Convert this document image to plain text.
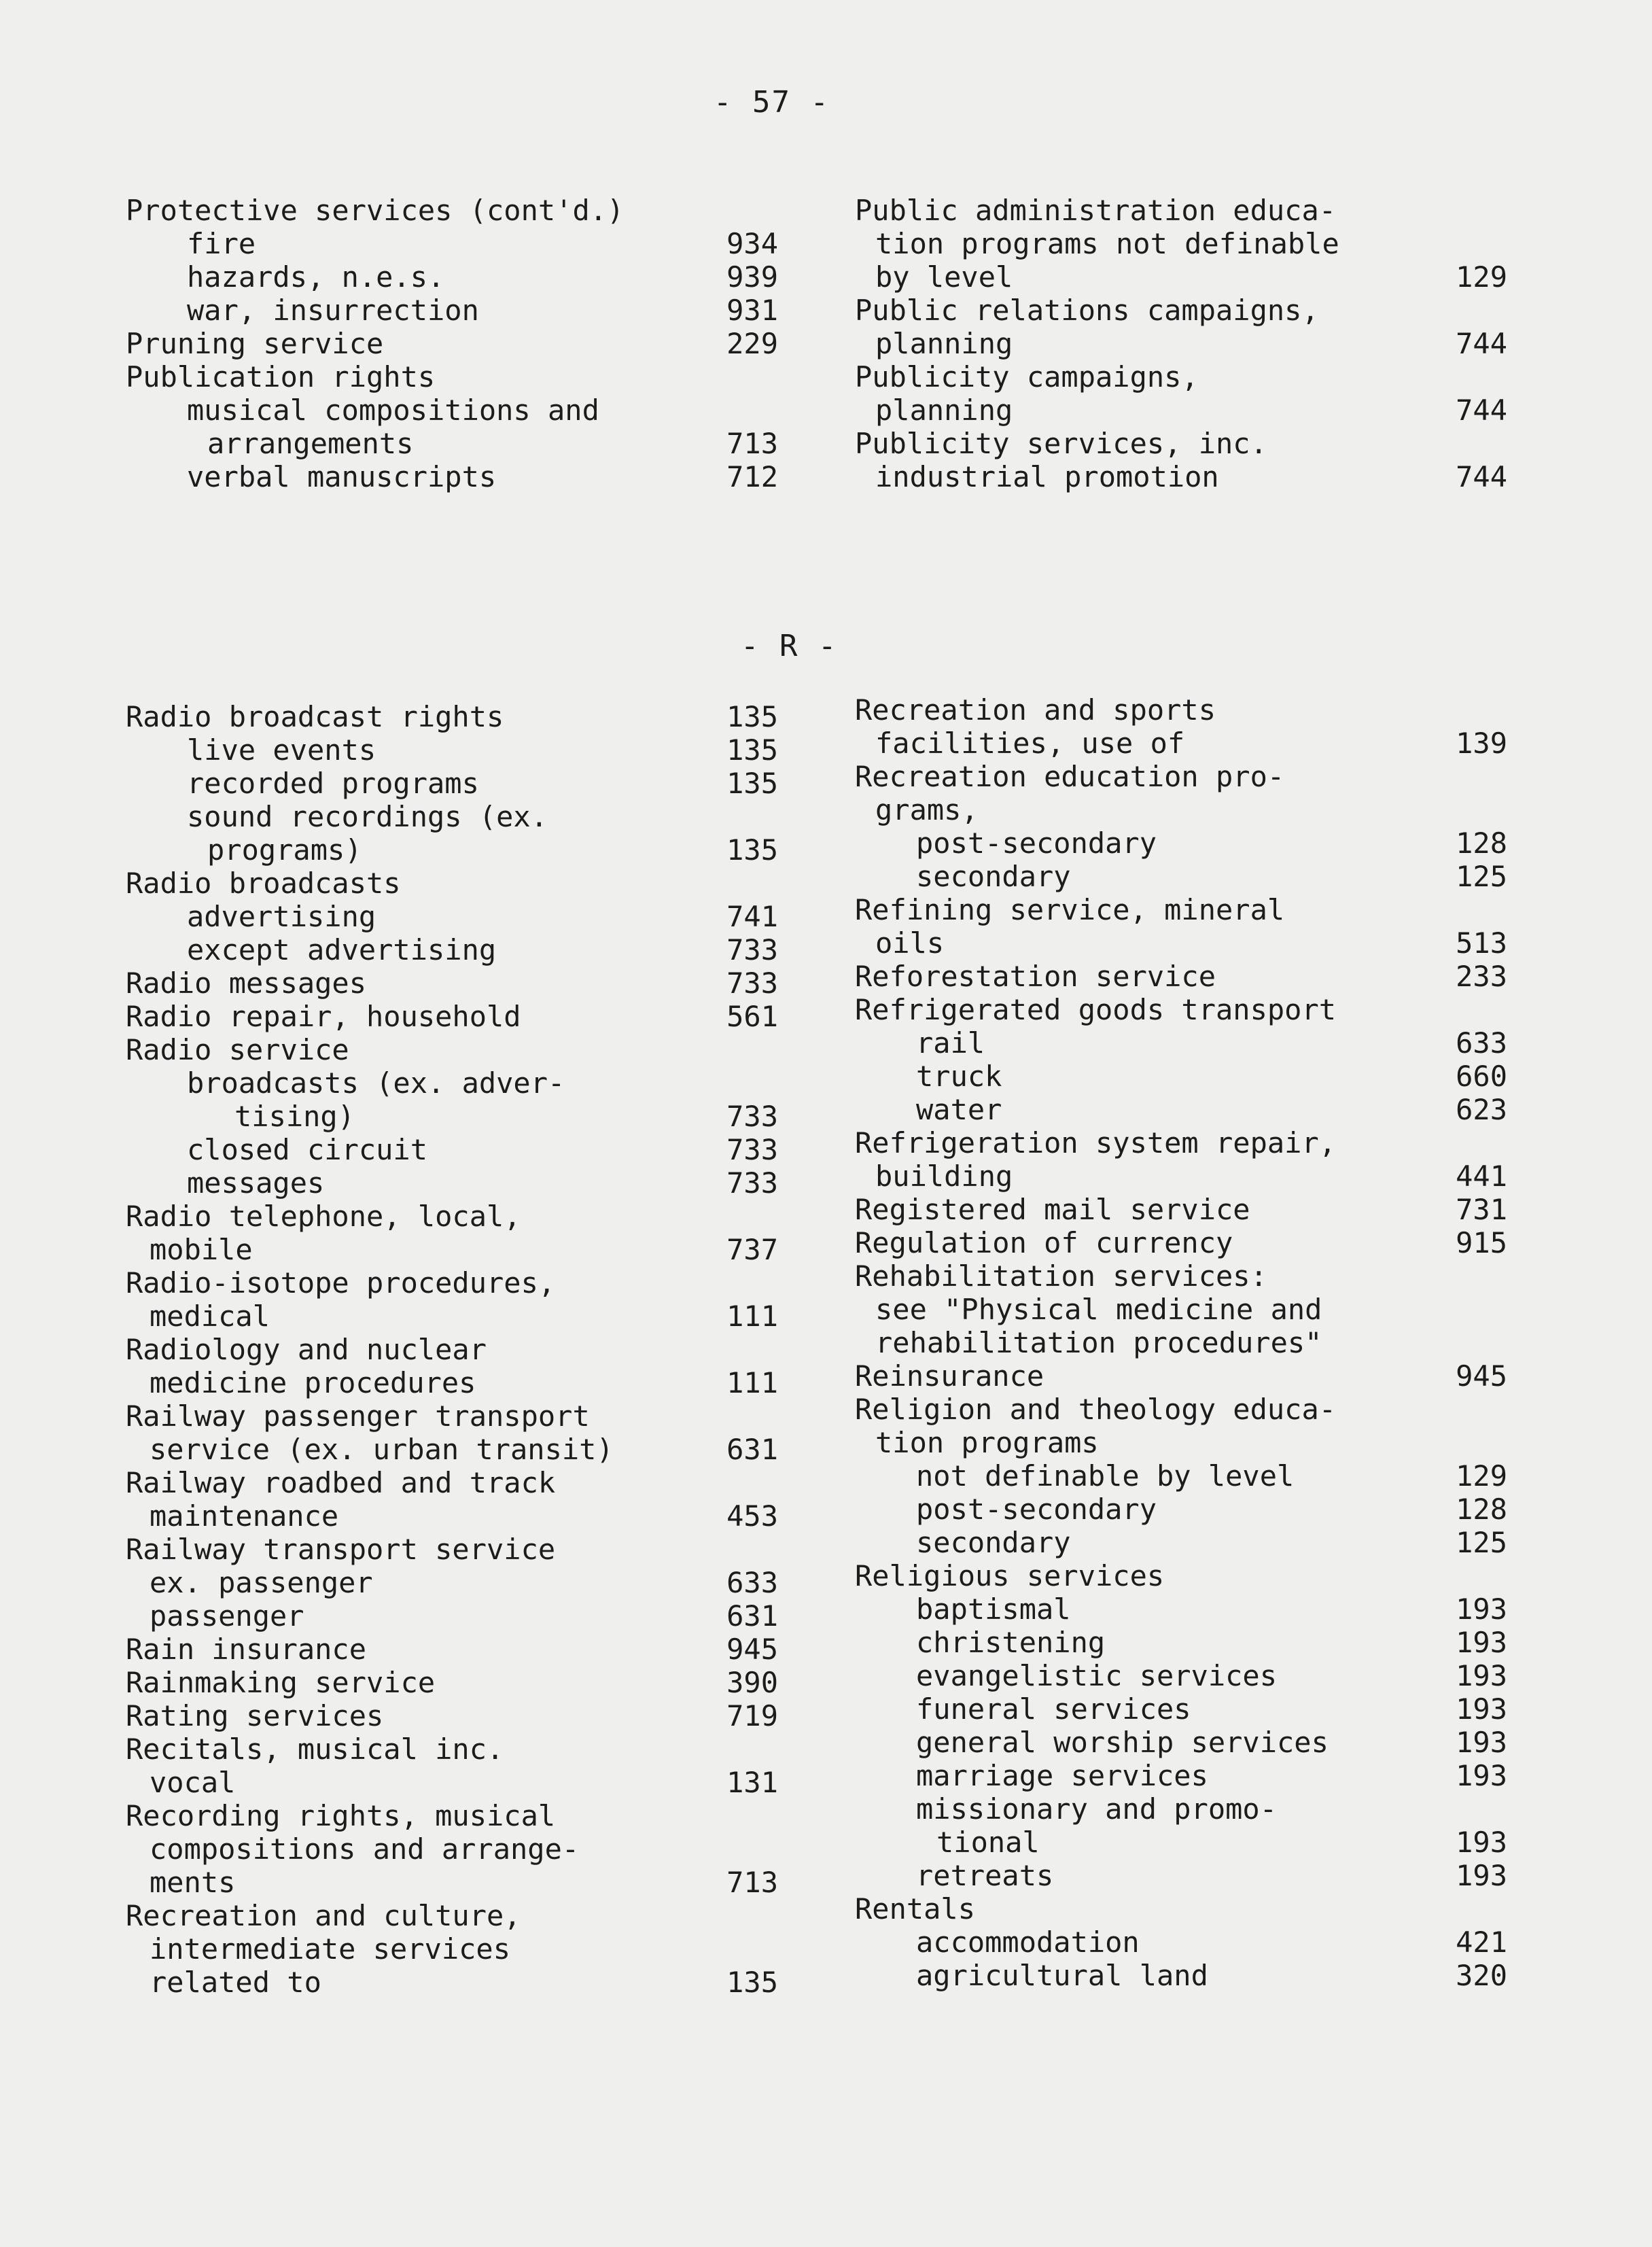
- 57 -
Protective services (cont'd.)
fire	934
hazards, n.e.s.	939
war, insurrection	931
Pruning service	229
Publication rights
musical compositions and
arrangements	713
verbal manuscripts	712
Public administration educa-
tion programs not definable
by level	129
Public relations campaigns,
planning	744
Publicity campaigns,
planning	744
Publicity services, inc.
industrial promotion	744
- R -
Radio broadcast rights	135
live events	135
recorded programs	135
sound recordings (ex.
programs)	135
Radio broadcasts
advertising	741
except advertising	733
Radio messages	733
Radio repair, household	561
Radio service
broadcasts (ex. adver-
tising)	733
closed circuit	733
messages	733
Radio telephone, local,
mobile	737
Radio-isotope procedures,
medical	111
Radiology and nuclear
medicine procedures	111
Railway passenger transport
service (ex. urban transit)	631
Railway roadbed and track
maintenance	453
Railway transport service
ex. passenger	633
passenger	631
Rain insurance	945
Rainmaking service	390
Rating services	719
Recitals, musical inc.
vocal	131
Recording rights, musical
compositions and arrange-
ments	713
Recreation and culture,
intermediate services
related to	135
Recreation and sports
facilities, use of	139
Recreation education pro-
grams,
post-secondary	128
secondary	125
Refining service, mineral
oils	513
Reforestation service	233
Refrigerated goods transport
rail	633
truck	660
water	623
Refrigeration system repair,
building	441
Registered mail service	731
Regulation of currency	915
Rehabilitation services:
see "Physical medicine and
rehabilitation procedures"
Reinsurance	945
Religion and theology educa-
tion programs
not definable by level	129
post-secondary	128
secondary	125
Religious services
baptismal	193
christening	193
evangelistic services	193
funeral services	193
general worship services	193
marriage services	193
missionary and promo-
tional	193
retreats	193
Rentals
accommodation	421
agricultural land	320
